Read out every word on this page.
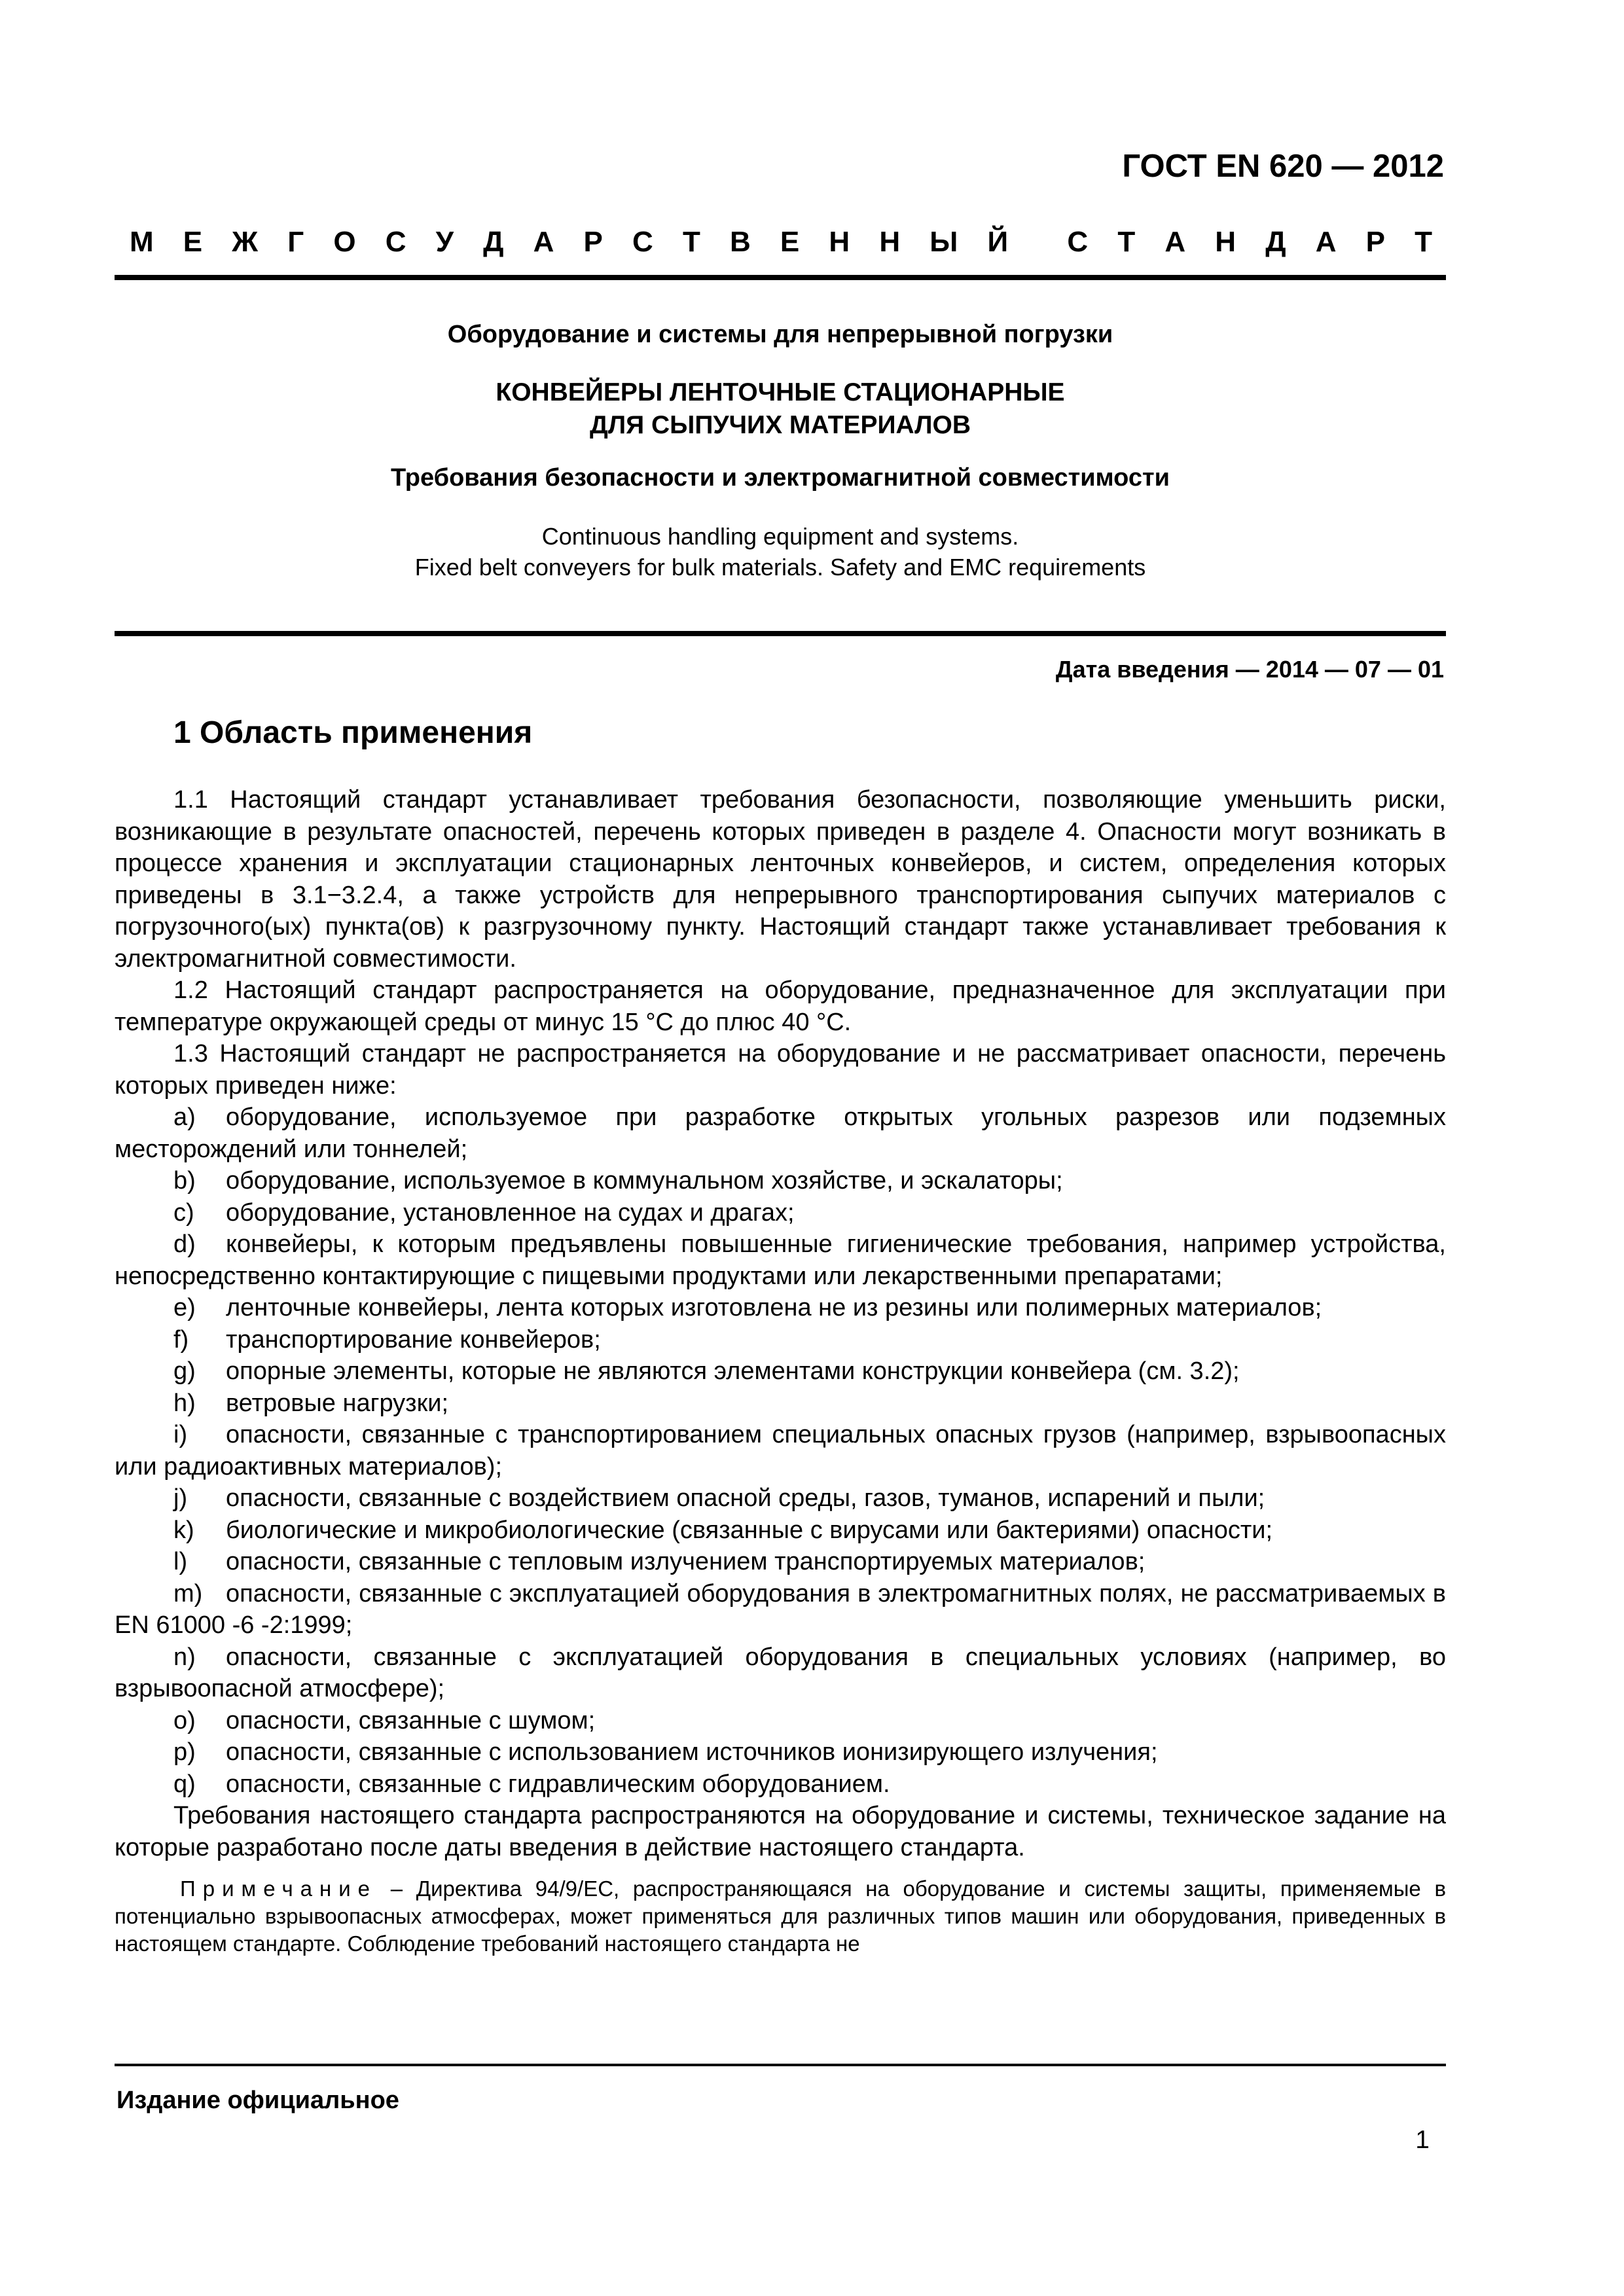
ГОСТ EN 620 — 2012
М Е Ж Г О С У Д А Р С Т В Е Н Н Ы Й С Т А Н Д А Р Т
Оборудование и системы для непрерывной погрузки
КОНВЕЙЕРЫ ЛЕНТОЧНЫЕ СТАЦИОНАРНЫЕ
ДЛЯ СЫПУЧИХ МАТЕРИАЛОВ
Требования безопасности и электромагнитной совместимости
Continuous handling equipment and systems.
Fixed belt conveyers for bulk materials. Safety and EMC requirements
Дата введения — 2014 — 07 — 01
1 Область применения

1.1 Настоящий стандарт устанавливает требования безопасности, позволяющие уменьшить риски, возникающие в результате опасностей, перечень которых приведен в разделе 4. Опасности могут возникать в процессе хранения и эксплуатации стационарных ленточных конвейеров, и систем, определения которых приведены в 3.1−3.2.4, а также устройств для непрерывного транспортирования сыпучих материалов с погрузочного(ых) пункта(ов) к разгрузочному пункту. Настоящий стандарт также устанавливает требования к электромагнитной совместимости.

1.2 Настоящий стандарт распространяется на оборудование, предназначенное для эксплуатации при температуре окружающей среды от минус 15 °С до плюс 40 °С.

1.3 Настоящий стандарт не распространяется на оборудование и не рассматривает опасности, перечень которых приведен ниже:

a) оборудование, используемое при разработке открытых угольных разрезов или подземных месторождений или тоннелей;

b) оборудование, используемое в коммунальном хозяйстве, и эскалаторы;

c) оборудование, установленное на судах и драгах;

d) конвейеры, к которым предъявлены повышенные гигиенические требования, например устройства, непосредственно контактирующие с пищевыми продуктами или лекарственными препаратами;

e) ленточные конвейеры, лента которых изготовлена не из резины или полимерных материалов;

f) транспортирование конвейеров;

g) опорные элементы, которые не являются элементами конструкции конвейера (см. 3.2);

h) ветровые нагрузки;

i) опасности, связанные с транспортированием специальных опасных грузов (например, взрывоопасных или радиоактивных материалов);

j) опасности, связанные с воздействием опасной среды, газов, туманов, испарений и пыли;

k) биологические и микробиологические (связанные с вирусами или бактериями) опасности;

l) опасности, связанные с тепловым излучением транспортируемых материалов;

m) опасности, связанные с эксплуатацией оборудования в электромагнитных полях, не рассматриваемых в EN 61000 -6 -2:1999;

n) опасности, связанные с эксплуатацией оборудования в специальных условиях (например, во взрывоопасной атмосфере);

o) опасности, связанные с шумом;

p) опасности, связанные с использованием источников ионизирующего излучения;

q) опасности, связанные с гидравлическим оборудованием.

Требования настоящего стандарта распространяются на оборудование и системы, техническое задание на которые разработано после даты введения в действие настоящего стандарта.

Примечание – Директива 94/9/EC, распространяющаяся на оборудование и системы защиты, применяемые в потенциально взрывоопасных атмосферах, может применяться для различных типов машин или оборудования, приведенных в настоящем стандарте. Соблюдение требований настоящего стандарта не

Издание официальное
1
